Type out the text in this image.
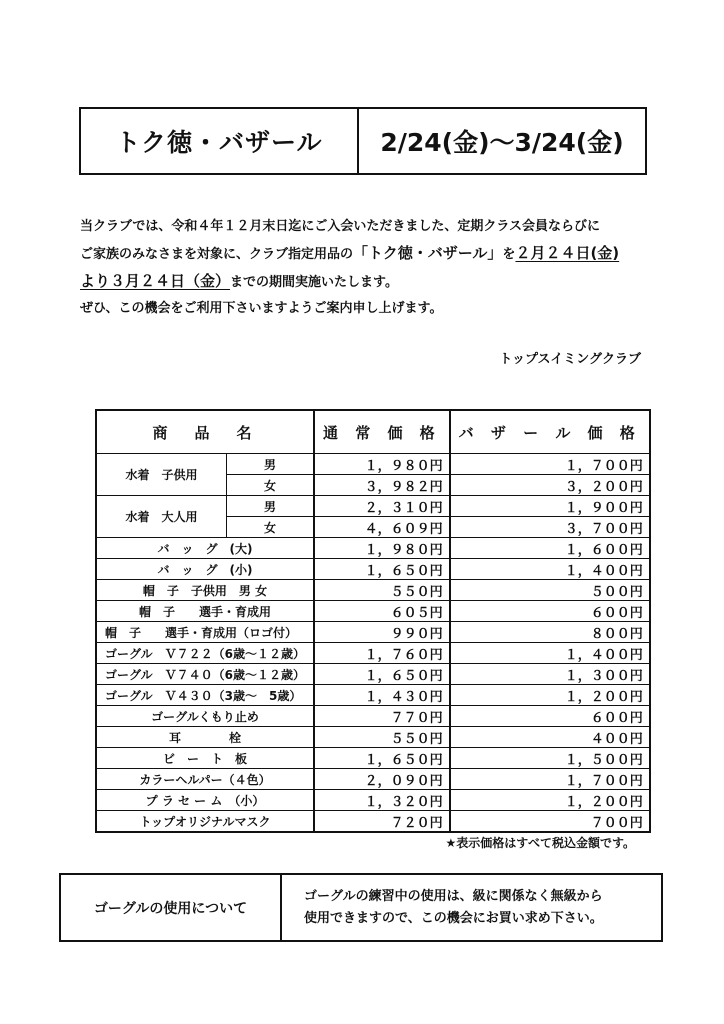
トク徳・バザール	2/24(金)～3/24(金)

当クラブでは、令和４年１２月末日迄にご入会いただきました、定期クラス会員ならびに

ご家族のみなさまを対象に、クラブ指定用品の「トク徳・バザール」を２月２４日(金)

より３月２４日（金）までの期間実施いたします。

ぜひ、この機会をご利用下さいますようご案内申し上げます。

トップスイミングクラブ
商　品　名		通 常 価 格	バ ザ ー ル 価 格
水着　子供用	男	１，９８０円	１，７００円
	女	３，９８２円	３，２００円
水着　大人用	男	２，３１０円	１，９００円
	女	４，６０９円	３，７００円
バ　ッ　グ　(大)		１，９８０円	１，６００円
バ　ッ　グ　(小)		１，６５０円	１，４００円
帽　子　子供用　男 女		５５０円	５００円
帽　子　　選手・育成用		６０５円	６００円
帽　子　　選手・育成用（ロゴ付）		９９０円	８００円
ゴーグル　Ｖ７２２（6歳～１２歳）		１，７６０円	１，４００円
ゴーグル　Ｖ７４０（6歳～１２歳）		１，６５０円	１，３００円
ゴーグル　Ｖ４３０（3歳～　5歳）		１，４３０円	１，２００円
ゴーグルくもり止め		７７０円	６００円
耳　　　　栓		５５０円	４００円
ビ　ー　ト　板		１，６５０円	１，５００円
カラーヘルパー（４色）		２，０９０円	１，７００円
プ ラ セ ー ム　（小）		１，３２０円	１，２００円
トップオリジナルマスク		７２０円	７００円
★表示価格はすべて税込金額です。
ゴーグルの使用について
ゴーグルの練習中の使用は、級に関係なく無級から
使用できますので、この機会にお買い求め下さい。
